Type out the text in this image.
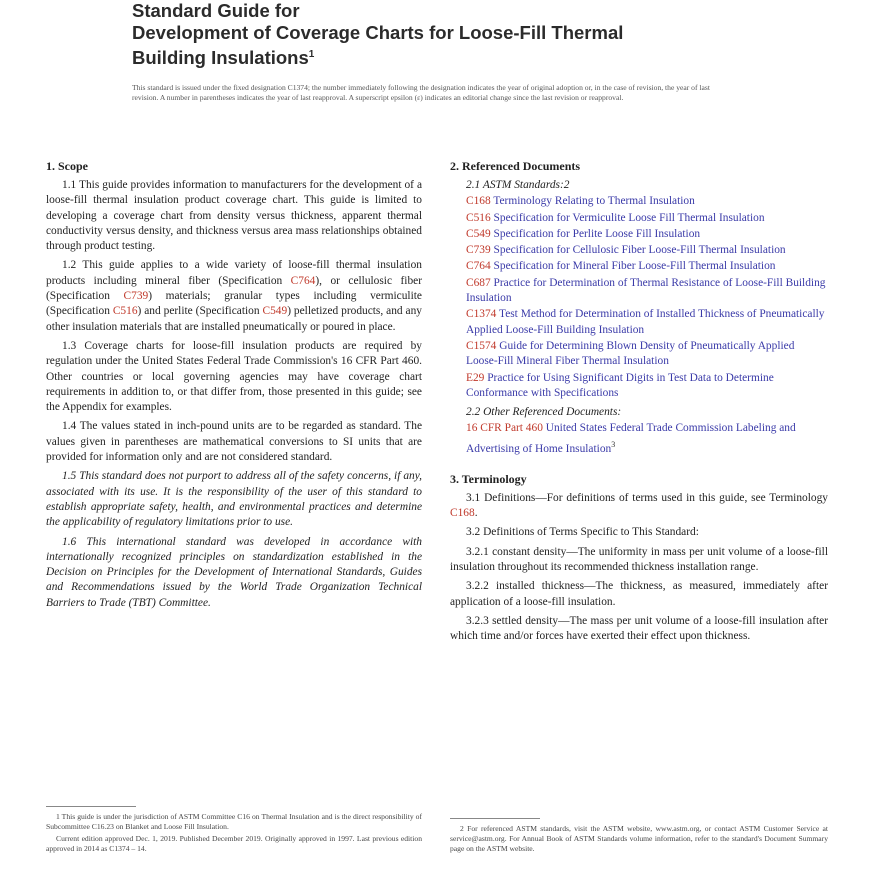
Standard Guide for
Development of Coverage Charts for Loose-Fill Thermal
Building Insulations$^1$
This standard is issued under the fixed designation C1374; the number immediately following the designation indicates the year of original adoption or, in the case of revision, the year of last revision. A number in parentheses indicates the year of last reapproval. A superscript epsilon (ε) indicates an editorial change since the last revision or reapproval.
1. Scope

1.1 This guide provides information to manufacturers for the development of a loose-fill thermal insulation product coverage chart. This guide is limited to developing a coverage chart from density versus thickness, apparent thermal conductivity versus density, and thickness versus area mass relationships obtained through product testing.

1.2 This guide applies to a wide variety of loose-fill thermal insulation products including mineral fiber (Specification C764), or cellulosic fiber (Specification C739) materials; granular types including vermiculite (Specification C516) and perlite (Specification C549) pelletized products, and any other insulation materials that are installed pneumatically or poured in place.

1.3 Coverage charts for loose-fill insulation products are required by regulation under the United States Federal Trade Commission's 16 CFR Part 460. Other countries or local governing agencies may have coverage chart requirements in addition to, or that differ from, those presented in this guide; see the Appendix for examples.

1.4 The values stated in inch-pound units are to be regarded as standard. The values given in parentheses are mathematical conversions to SI units that are provided for information only and are not considered standard.

1.5 This standard does not purport to address all of the safety concerns, if any, associated with its use. It is the responsibility of the user of this standard to establish appropriate safety, health, and environmental practices and determine the applicability of regulatory limitations prior to use.

1.6 This international standard was developed in accordance with internationally recognized principles on standardization established in the Decision on Principles for the Development of International Standards, Guides and Recommendations issued by the World Trade Organization Technical Barriers to Trade (TBT) Committee.

2. Referenced Documents
2.1 ASTM Standards:2
C168 Terminology Relating to Thermal Insulation
C516 Specification for Vermiculite Loose Fill Thermal Insulation
C549 Specification for Perlite Loose Fill Insulation
C739 Specification for Cellulosic Fiber Loose-Fill Thermal Insulation
C764 Specification for Mineral Fiber Loose-Fill Thermal Insulation
C687 Practice for Determination of Thermal Resistance of Loose-Fill Building Insulation
C1374 Test Method for Determination of Installed Thickness of Pneumatically Applied Loose-Fill Building Insulation
C1574 Guide for Determining Blown Density of Pneumatically Applied Loose-Fill Mineral Fiber Thermal Insulation
E29 Practice for Using Significant Digits in Test Data to Determine Conformance with Specifications
2.2 Other Referenced Documents:
16 CFR Part 460 United States Federal Trade Commission Labeling and Advertising of Home Insulation$^3$
3. Terminology

3.1 Definitions—For definitions of terms used in this guide, see Terminology C168.

3.2 Definitions of Terms Specific to This Standard:

3.2.1 constant density—The uniformity in mass per unit volume of a loose-fill insulation throughout its recommended thickness installation range.

3.2.2 installed thickness—The thickness, as measured, immediately after application of a loose-fill insulation.

3.2.3 settled density—The mass per unit volume of a loose-fill insulation after which time and/or forces have exerted their effect upon thickness.

1 This guide is under the jurisdiction of ASTM Committee C16 on Thermal Insulation and is the direct responsibility of Subcommittee C16.23 on Blanket and Loose Fill Insulation.

Current edition approved Dec. 1, 2019. Published December 2019. Originally approved in 1997. Last previous edition approved in 2014 as C1374 – 14.

2 For referenced ASTM standards, visit the ASTM website, www.astm.org, or contact ASTM Customer Service at service@astm.org. For Annual Book of ASTM Standards volume information, refer to the standard's Document Summary page on the ASTM website.
